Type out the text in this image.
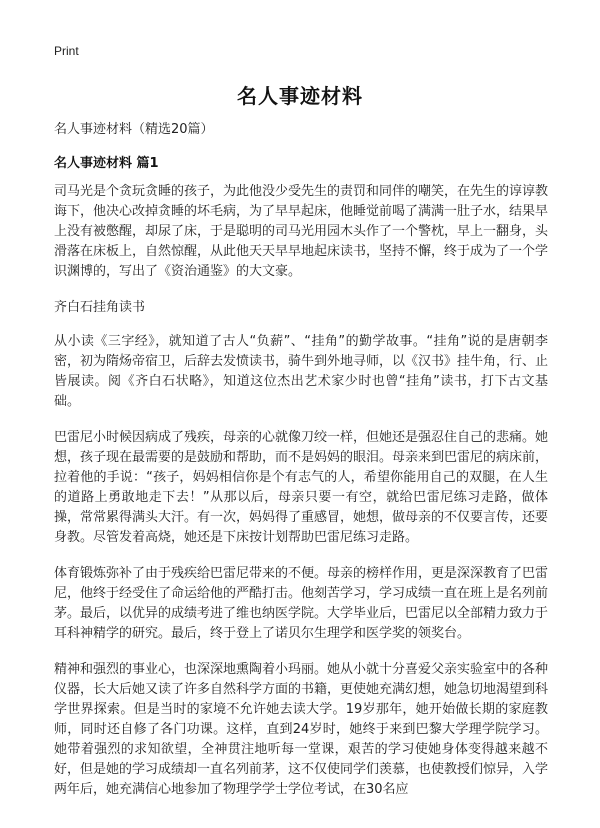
Print
名人事迹材料

名人事迹材料（精选20篇）

名人事迹材料 篇1

司马光是个贪玩贪睡的孩子，为此他没少受先生的责罚和同伴的嘲笑，在先生的谆谆教诲下，他决心改掉贪睡的坏毛病，为了早早起床，他睡觉前喝了满满一肚子水，结果早上没有被憋醒，却尿了床，于是聪明的司马光用园木头作了一个警枕，早上一翻身，头滑落在床板上，自然惊醒，从此他天天早早地起床读书，坚持不懈，终于成为了一个学识渊博的，写出了《资治通鉴》的大文豪。

齐白石挂角读书

从小读《三字经》，就知道了古人“负薪”、“挂角”的勤学故事。“挂角”说的是唐朝李密，初为隋炀帝宿卫，后辞去发愤读书，骑牛到外地寻师，以《汉书》挂牛角，行、止皆展读。阅《齐白石状略》，知道这位杰出艺术家少时也曾“挂角”读书，打下古文基础。

巴雷尼小时候因病成了残疾，母亲的心就像刀绞一样，但她还是强忍住自己的悲痛。她想，孩子现在最需要的是鼓励和帮助，而不是妈妈的眼泪。母亲来到巴雷尼的病床前，拉着他的手说：“孩子，妈妈相信你是个有志气的人，希望你能用自己的双腿，在人生的道路上勇敢地走下去！”从那以后，母亲只要一有空，就给巴雷尼练习走路，做体操，常常累得满头大汗。有一次，妈妈得了重感冒，她想，做母亲的不仅要言传，还要身教。尽管发着高烧，她还是下床按计划帮助巴雷尼练习走路。

体育锻炼弥补了由于残疾给巴雷尼带来的不便。母亲的榜样作用，更是深深教育了巴雷尼，他终于经受住了命运给他的严酷打击。他刻苦学习，学习成绩一直在班上是名列前茅。最后，以优异的成绩考进了维也纳医学院。大学毕业后，巴雷尼以全部精力致力于耳科神精学的研究。最后，终于登上了诺贝尔生理学和医学奖的领奖台。

精神和强烈的事业心，也深深地熏陶着小玛丽。她从小就十分喜爱父亲实验室中的各种仪器，长大后她又读了许多自然科学方面的书籍，更使她充满幻想，她急切地渴望到科学世界探索。但是当时的家境不允许她去读大学。19岁那年，她开始做长期的家庭教师，同时还自修了各门功课。这样，直到24岁时，她终于来到巴黎大学理学院学习。她带着强烈的求知欲望，全神贯注地听每一堂课，艰苦的学习使她身体变得越来越不好，但是她的学习成绩却一直名列前茅，这不仅使同学们羡慕，也使教授们惊异，入学两年后，她充满信心地参加了物理学学士学位考试，在30名应
